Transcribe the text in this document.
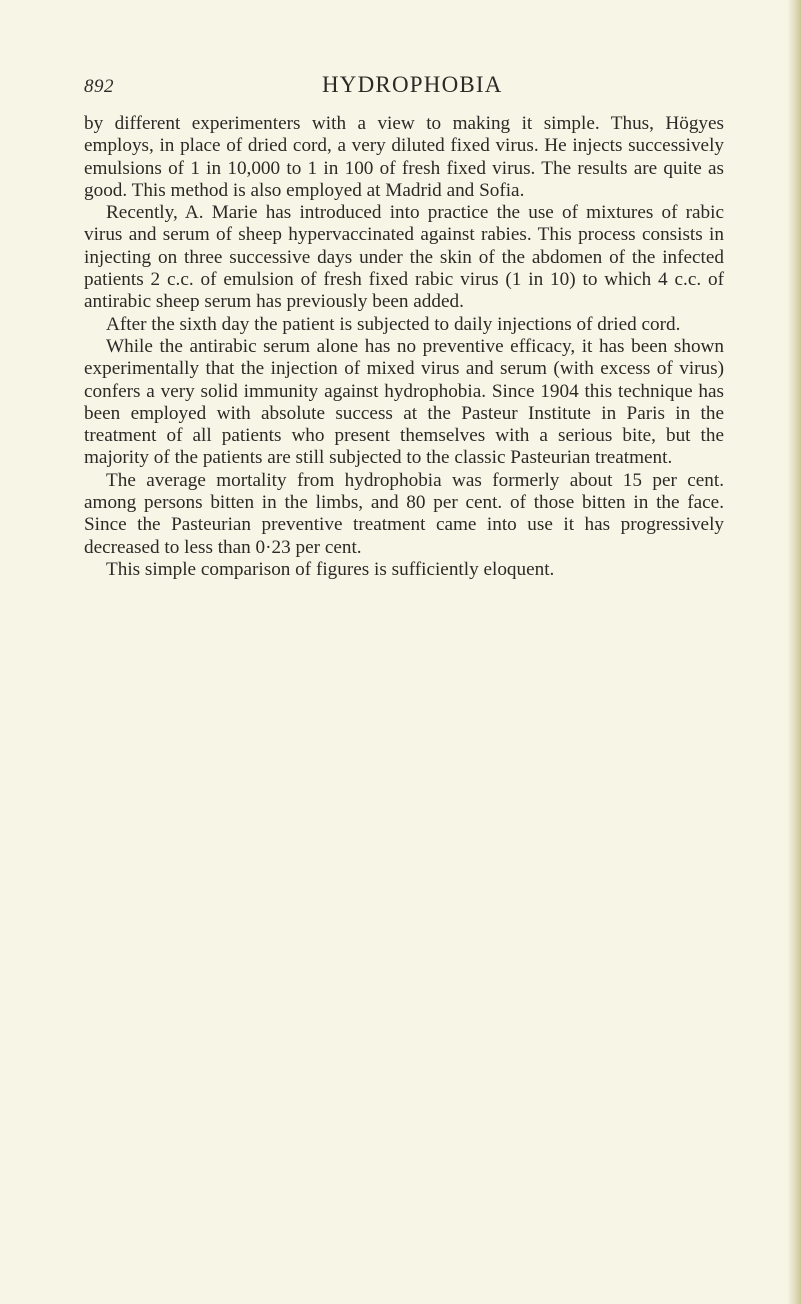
892	HYDROPHOBIA

by different experimenters with a view to making it simple. Thus, Högyes employs, in place of dried cord, a very diluted fixed virus. He injects successively emulsions of 1 in 10,000 to 1 in 100 of fresh fixed virus. The results are quite as good. This method is also employed at Madrid and Sofia.

Recently, A. Marie has introduced into practice the use of mixtures of rabic virus and serum of sheep hypervaccinated against rabies. This process consists in injecting on three successive days under the skin of the abdomen of the infected patients 2 c.c. of emulsion of fresh fixed rabic virus (1 in 10) to which 4 c.c. of antirabic sheep serum has previously been added.

After the sixth day the patient is subjected to daily injections of dried cord.

While the antirabic serum alone has no preventive efficacy, it has been shown experimentally that the injection of mixed virus and serum (with excess of virus) confers a very solid immunity against hydrophobia. Since 1904 this technique has been employed with absolute success at the Pasteur Institute in Paris in the treatment of all patients who present themselves with a serious bite, but the majority of the patients are still subjected to the classic Pasteurian treatment.

The average mortality from hydrophobia was formerly about 15 per cent. among persons bitten in the limbs, and 80 per cent. of those bitten in the face. Since the Pasteurian preventive treatment came into use it has progressively decreased to less than 0·23 per cent.

This simple comparison of figures is sufficiently eloquent.
